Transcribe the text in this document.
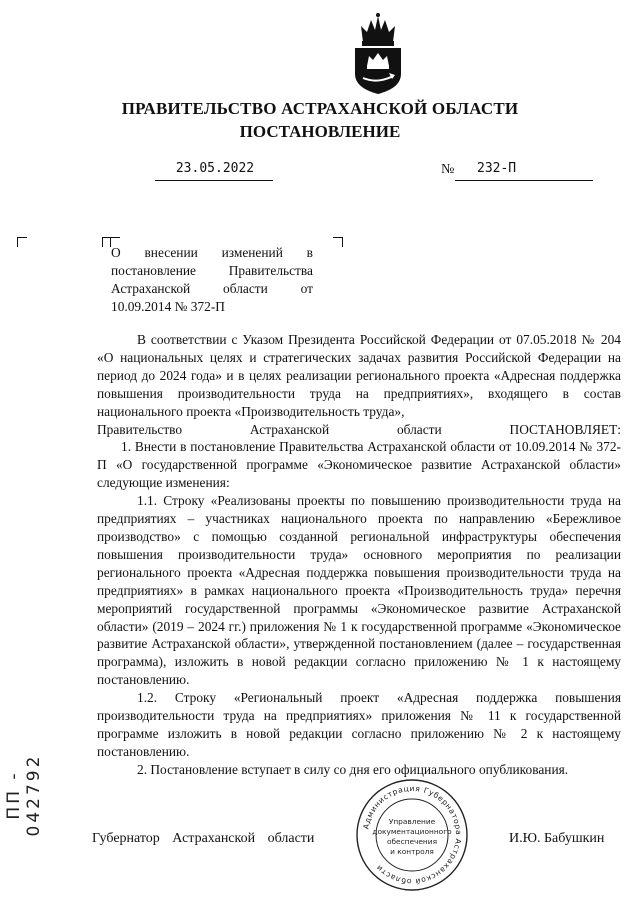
ПРАВИТЕЛЬСТВО АСТРАХАНСКОЙ ОБЛАСТИ
ПОСТАНОВЛЕНИЕ
23.05.2022	№	232-П
О внесении изменений в постановление Правительства Астраханской области от 10.09.2014 № 372-П

В соответствии с Указом Президента Российской Федерации от 07.05.2018 № 204 «О национальных целях и стратегических задачах развития Российской Федерации на период до 2024 года» и в целях реализации регионального проекта «Адресная поддержка повышения производительности труда на предприятиях», входящего в состав национального проекта «Производительность труда»,

Правительство Астраханской области ПОСТАНОВЛЯЕТ:

1. Внести в постановление Правительства Астраханской области от 10.09.2014 № 372-П «О государственной программе «Экономическое развитие Астраханской области» следующие изменения:

1.1. Строку «Реализованы проекты по повышению производительности труда на предприятиях – участниках национального проекта по направлению «Бережливое производство» с помощью созданной региональной инфраструктуры обеспечения повышения производительности труда» основного мероприятия по реализации регионального проекта «Адресная поддержка повышения производительности труда на предприятиях» в рамках национального проекта «Производительность труда» перечня мероприятий государственной программы «Экономическое развитие Астраханской области» (2019 – 2024 гг.) приложения № 1 к государственной программе «Экономическое развитие Астраханской области», утвержденной постановлением (далее – государственная программа), изложить в новой редакции согласно приложению № 1 к настоящему постановлению.

1.2. Строку «Региональный проект «Адресная поддержка повышения производительности труда на предприятиях» приложения № 11 к государственной программе изложить в новой редакции согласно приложению № 2 к настоящему постановлению.

2. Постановление вступает в силу со дня его официального опубликования.

ПП - 042792
Губернатор Астраханской области	И.Ю. Бабушкин
Администрация Губернатора Астраханской области
Управление
документационного
обеспечения
и контроля
